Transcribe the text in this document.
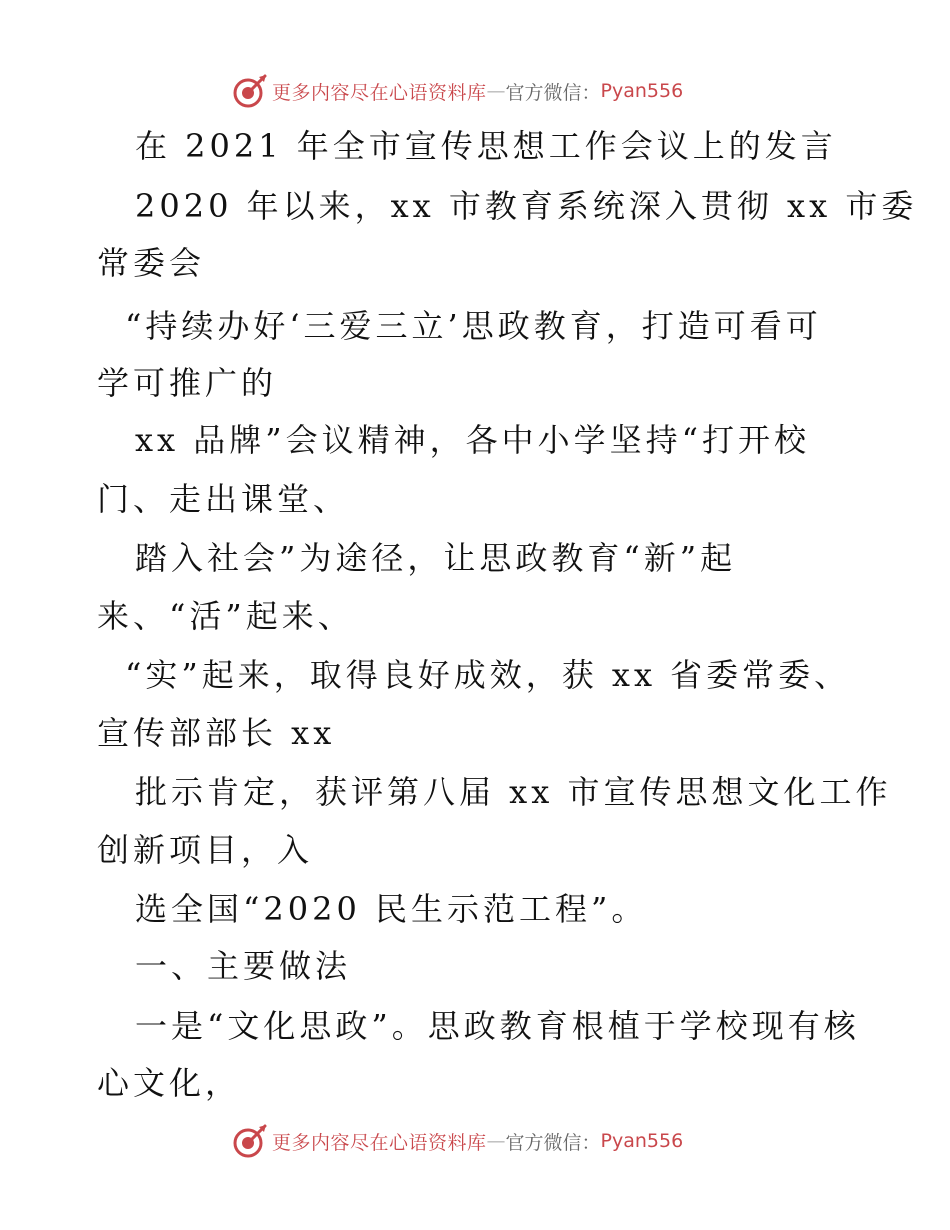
更多内容尽在心语资料库 — 官方微信： Pyan556
在 2021 年全市宣传思想工作会议上的发言
2020 年以来，xx 市教育系统深入贯彻 xx 市委
常委会
“持续办好‘三爱三立’思政教育，打造可看可
学可推广的
xx 品牌”会议精神，各中小学坚持“打开校
门、走出课堂、
踏入社会”为途径，让思政教育“新”起
来、“活”起来、
“实”起来，取得良好成效，获 xx 省委常委、
宣传部部长 xx
批示肯定，获评第八届 xx 市宣传思想文化工作
创新项目，入
选全国“2020 民生示范工程”。
一、主要做法
一是“文化思政”。思政教育根植于学校现有核
心文化，
更多内容尽在心语资料库 — 官方微信： Pyan556
